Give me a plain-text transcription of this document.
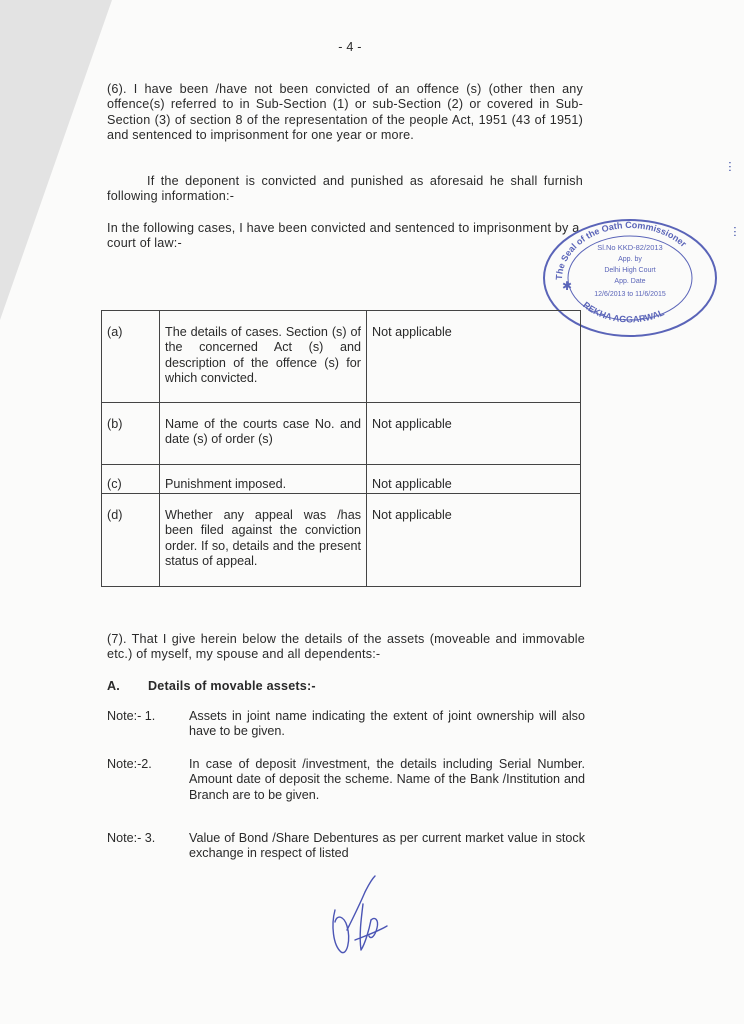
- 4 -
(6). I have been /have not been convicted of an offence (s) (other then any offence(s) referred to in Sub-Section (1) or sub-Section (2) or covered in Sub-Section (3) of section 8 of the representation of the people Act, 1951 (43 of 1951) and sentenced to imprisonment for one year or more.
If the deponent is convicted and punished as aforesaid he shall furnish following information:-
In the following cases, I have been convicted and sentenced to imprisonment by a court of law:-
The Seal of the Oath Commissioner
REKHA AGGARWAL
Sl.No KKD-82/2013
App. by
Delhi High Court
App. Date
12/6/2013 to 11/6/2015
✱
(a)	The details of cases. Section (s) of the concerned Act (s) and description of the offence (s) for which convicted.	Not applicable
(b)	Name of the courts case No. and date (s) of order (s)	Not applicable
(c)	Punishment imposed.	Not applicable
(d)	Whether any appeal was /has been filed against the conviction order. If so, details and the present status of appeal.	Not applicable
(7). That I give herein below the details of the assets (moveable and immovable etc.) of myself, my spouse and all dependents:-
A. Details of movable assets:-
Note:- 1.	Assets in joint name indicating the extent of joint ownership will also have to be given.
Note:-2.	In case of deposit /investment, the details including Serial Number. Amount date of deposit the scheme. Name of the Bank /Institution and Branch are to be given.
Note:- 3.	Value of Bond /Share Debentures as per current market value in stock exchange in respect of listed
ⵗ
ⵗ
